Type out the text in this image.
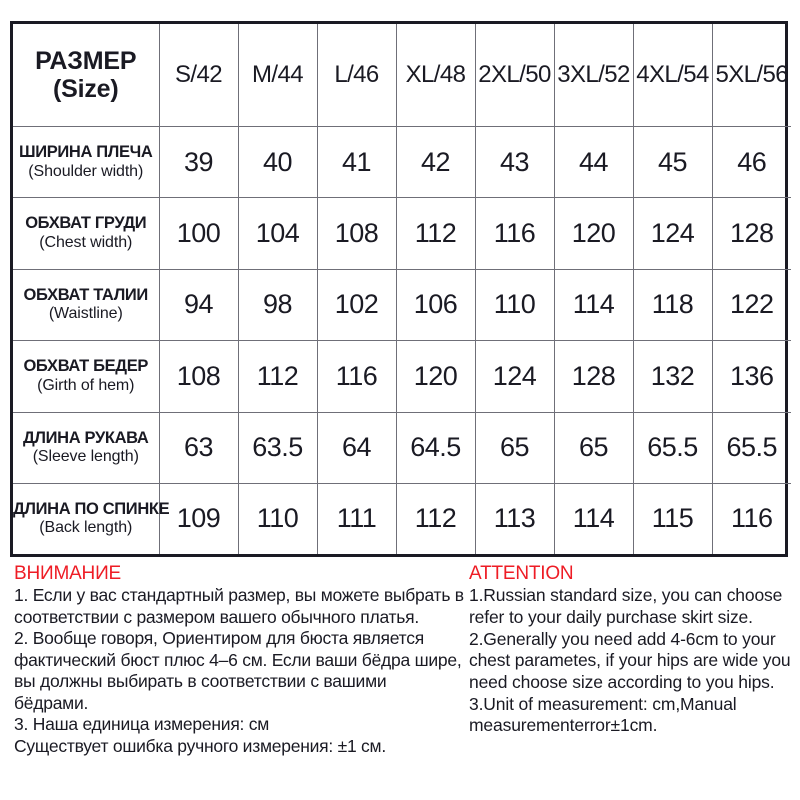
РАЗМЕР
(Size)	S/42	M/44	L/46	XL/48	2XL/50	3XL/52	4XL/54	5XL/56

ШИРИНА ПЛЕЧА
(Shoulder width)	39	40	41	42	43	44	45	46

ОБХВАТ ГРУДИ
(Chest width)	100	104	108	112	116	120	124	128

ОБХВАТ ТАЛИИ
(Waistline)	94	98	102	106	110	114	118	122

ОБХВАТ БЕДЕР
(Girth of hem)	108	112	116	120	124	128	132	136

ДЛИНА РУКАВА
(Sleeve length)	63	63.5	64	64.5	65	65	65.5	65.5

ДЛИНА ПО СПИНКЕ
(Back length)	109	110	111	112	113	114	115	116
ВНИМАНИЕ

1. Если у вас стандартный размер, вы можете выбрать в соответствии с размером вашего обычного платья.

2. Вообще говоря, Ориентиром для бюста является фактический бюст плюс 4–6 см. Если ваши бёдра шире, вы должны выбирать в соответствии с вашими бёдрами.

3. Наша единица измерения: см

Существует ошибка ручного измерения: ±1 см.

ATTENTION

1.Russian standard size, you can choose refer to your daily purchase skirt size.

2.Generally you need add 4-6cm to your chest parametes, if your hips are wide you need choose size according to you hips.

3.Unit of measurement: cm,Manual measurementerror±1cm.
